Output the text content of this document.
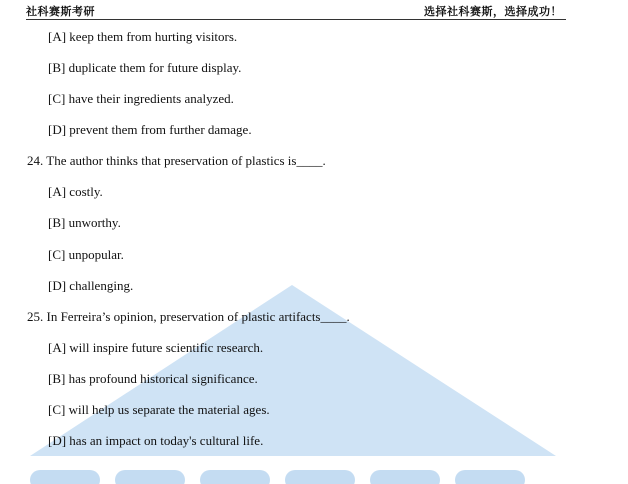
社科赛斯考研	选择社科赛斯，选择成功！
[A] keep them from hurting visitors.
[B] duplicate them for future display.
[C] have their ingredients analyzed.
[D] prevent them from further damage.
24. The author thinks that preservation of plastics is____.
[A] costly.
[B] unworthy.
[C] unpopular.
[D] challenging.
25. In Ferreira’s opinion, preservation of plastic artifacts____.
[A] will inspire future scientific research.
[B] has profound historical significance.
[C] will help us separate the material ages.
[D] has an impact on today's cultural life.
